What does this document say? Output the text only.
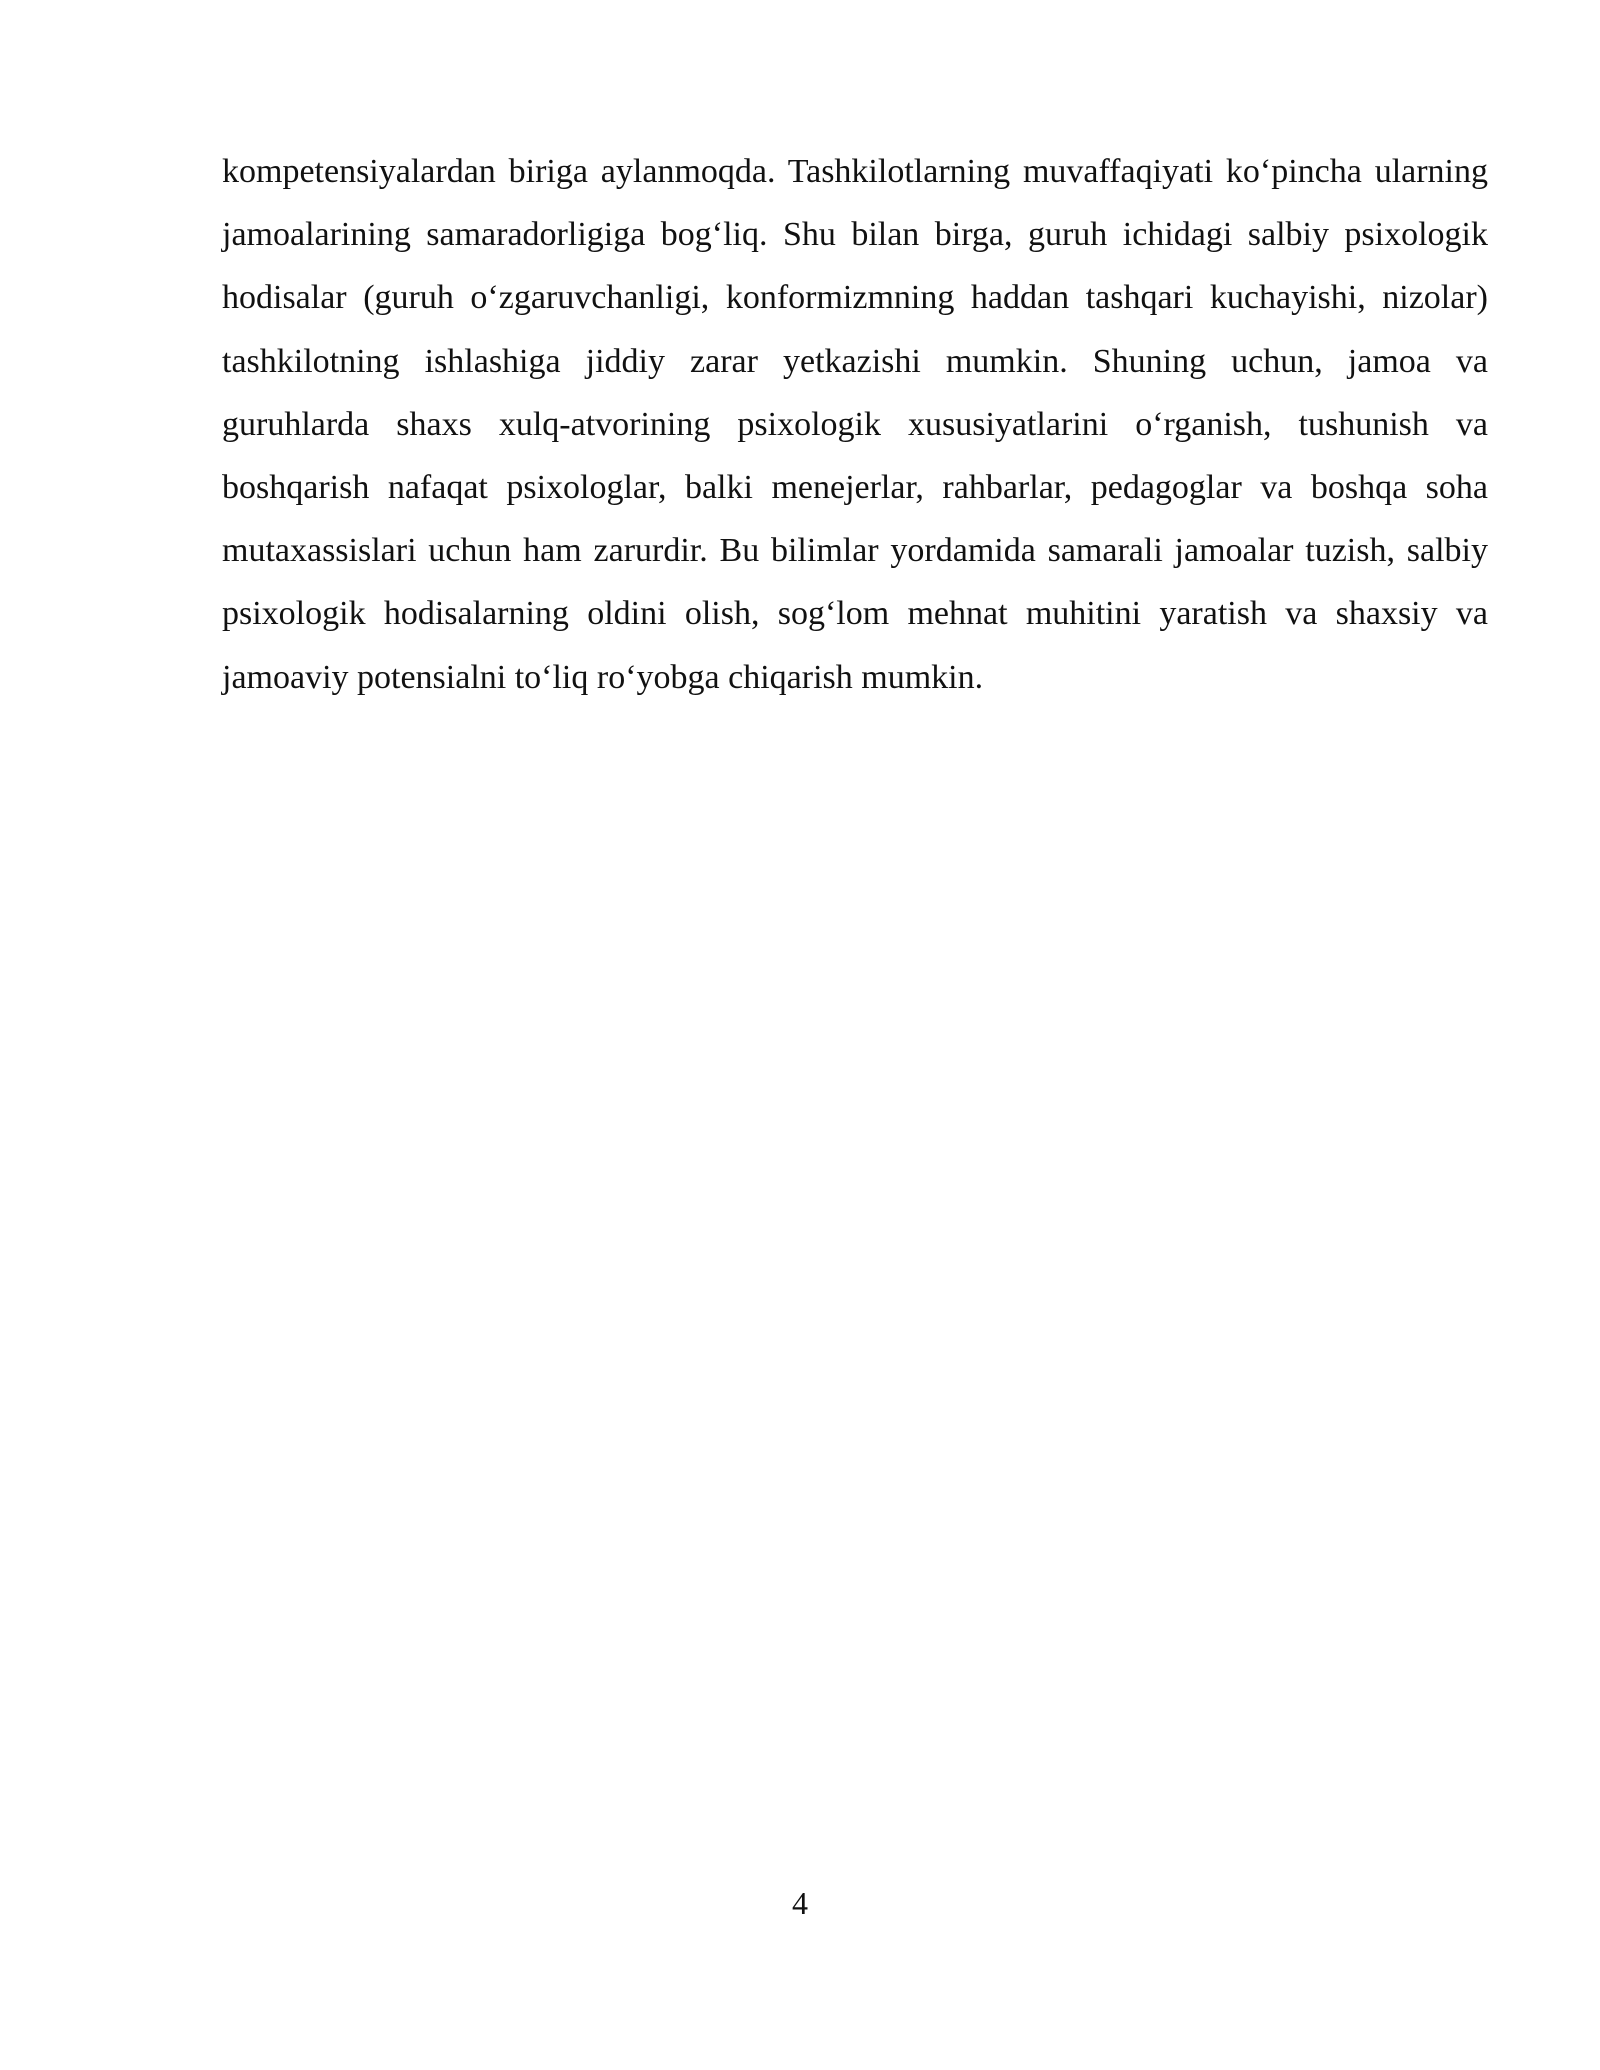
kompetensiyalardan biriga aylanmoqda. Tashkilotlarning muvaffaqiyati ko‘pincha ularning jamoalarining samaradorligiga bog‘liq. Shu bilan birga, guruh ichidagi salbiy psixologik hodisalar (guruh o‘zgaruvchanligi, konformizmning haddan tashqari kuchayishi, nizolar) tashkilotning ishlashiga jiddiy zarar yetkazishi mumkin. Shuning uchun, jamoa va guruhlarda shaxs xulq-atvorining psixologik xususiyatlarini o‘rganish, tushunish va boshqarish nafaqat psixologlar, balki menejerlar, rahbarlar, pedagoglar va boshqa soha mutaxassislari uchun ham zarurdir. Bu bilimlar yordamida samarali jamoalar tuzish, salbiy psixologik hodisalarning oldini olish, sog‘lom mehnat muhitini yaratish va shaxsiy va jamoaviy potensialni to‘liq ro‘yobga chiqarish mumkin.

4
